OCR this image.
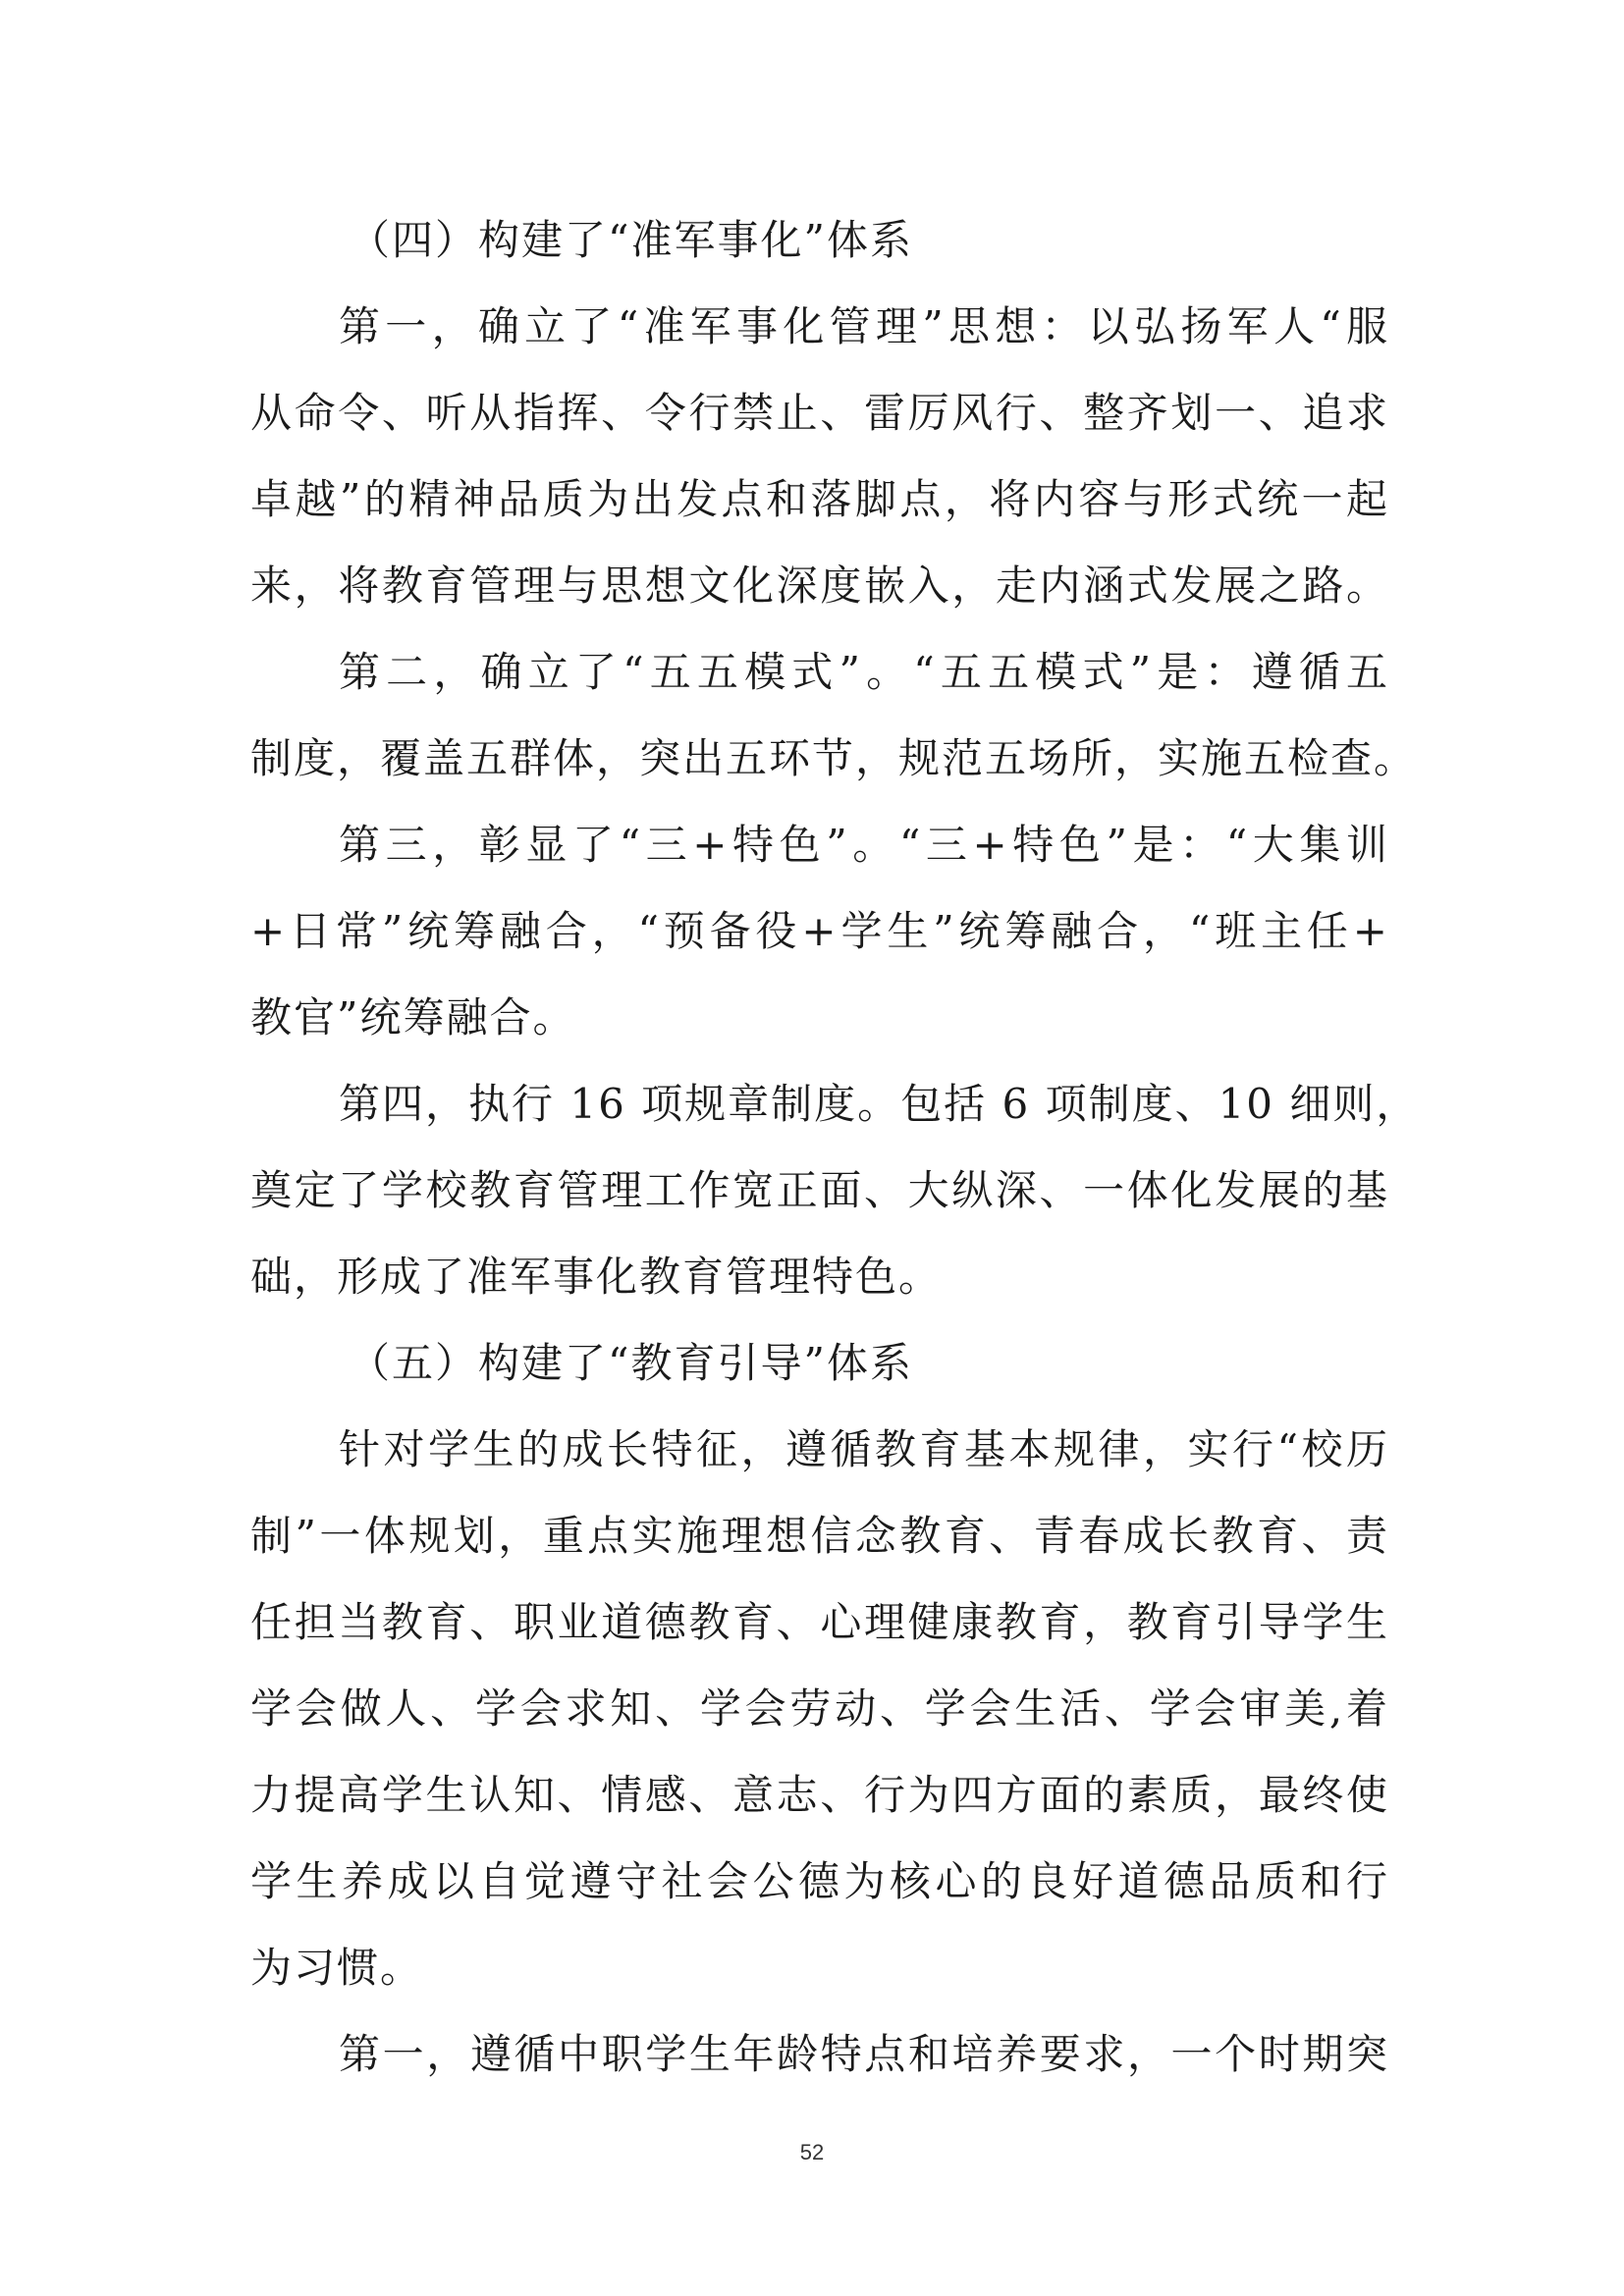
（四）构建了“准军事化”体系
第一，确立了“准军事化管理”思想：以弘扬军人“服
从命令、听从指挥、令行禁止、雷厉风行、整齐划一、追求
卓越”的精神品质为出发点和落脚点，将内容与形式统一起
来，将教育管理与思想文化深度嵌入，走内涵式发展之路。
第二，确立了“五五模式”。“五五模式”是：遵循五
制度，覆盖五群体，突出五环节，规范五场所，实施五检查。
第三，彰显了“三+特色”。“三+特色”是：“大集训
+日常”统筹融合，“预备役+学生”统筹融合，“班主任+
教官”统筹融合。
第四，执行 16 项规章制度。包括 6 项制度、10 细则，
奠定了学校教育管理工作宽正面、大纵深、一体化发展的基
础，形成了准军事化教育管理特色。
（五）构建了“教育引导”体系
针对学生的成长特征，遵循教育基本规律，实行“校历
制”一体规划，重点实施理想信念教育、青春成长教育、责
任担当教育、职业道德教育、心理健康教育，教育引导学生
学会做人、学会求知、学会劳动、学会生活、学会审美,着
力提高学生认知、情感、意志、行为四方面的素质，最终使
学生养成以自觉遵守社会公德为核心的良好道德品质和行
为习惯。
第一，遵循中职学生年龄特点和培养要求，一个时期突
52
